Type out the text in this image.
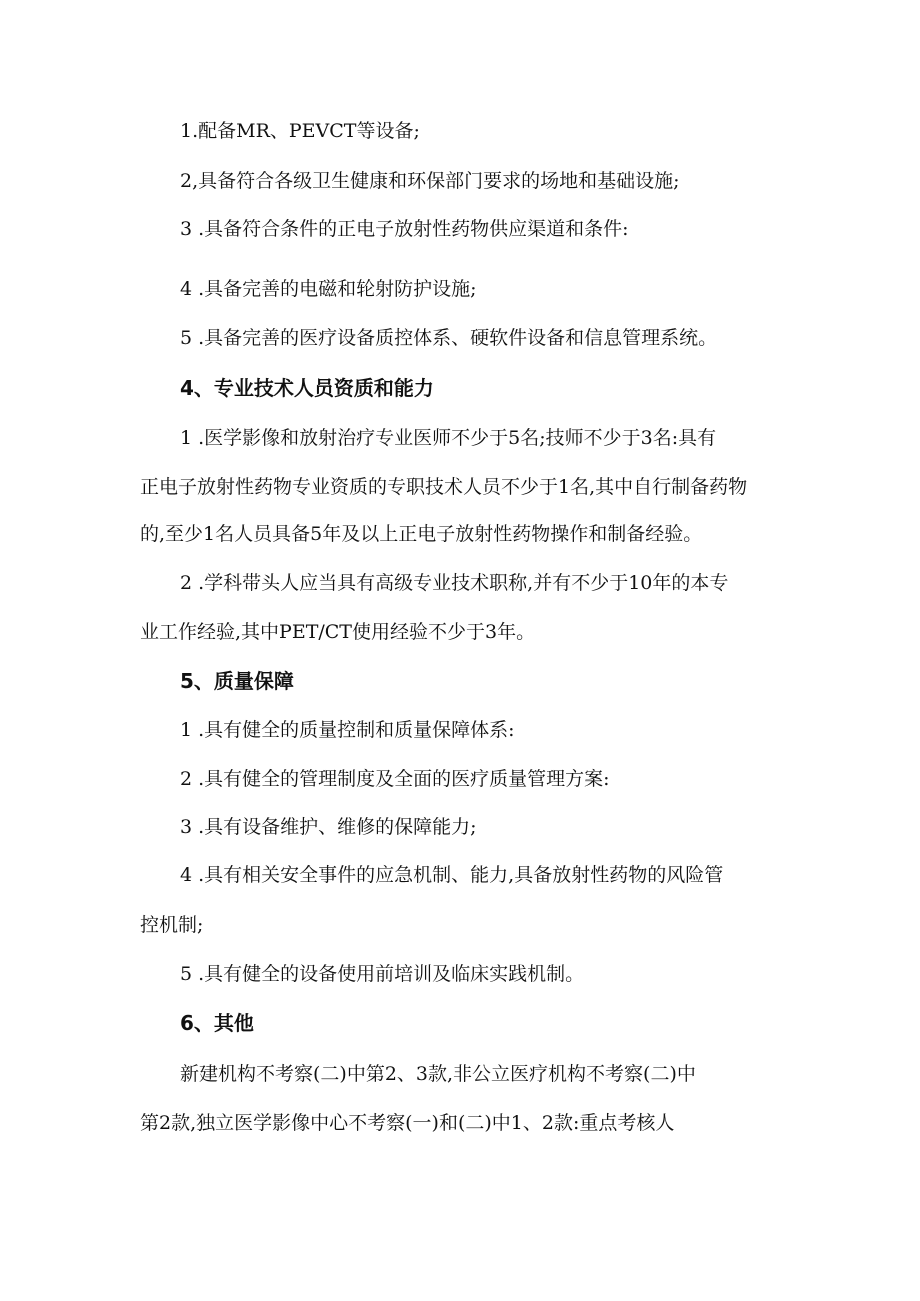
1.配备MR、PEVCT等设备;
2,具备符合各级卫生健康和环保部门要求的场地和基础设施;
3 .具备符合条件的正电子放射性药物供应渠道和条件:
4 .具备完善的电磁和轮射防护设施;
5 .具备完善的医疗设备质控体系、硬软件设备和信息管理系统。
4、专业技术人员资质和能力
1 .医学影像和放射治疗专业医师不少于5名;技师不少于3名:具有
正电子放射性药物专业资质的专职技术人员不少于1名,其中自行制备药物
的,至少1名人员具备5年及以上正电子放射性药物操作和制备经验。
2 .学科带头人应当具有高级专业技术职称,并有不少于10年的本专
业工作经验,其中PET/CT使用经验不少于3年。
5、质量保障
1 .具有健全的质量控制和质量保障体系:
2 .具有健全的管理制度及全面的医疗质量管理方案:
3 .具有设备维护、维修的保障能力;
4 .具有相关安全事件的应急机制、能力,具备放射性药物的风险管
控机制;
5 .具有健全的设备使用前培训及临床实践机制。
6、其他
新建机构不考察(二)中第2、3款,非公立医疗机构不考察(二)中
第2款,独立医学影像中心不考察(一)和(二)中1、2款:重点考核人
